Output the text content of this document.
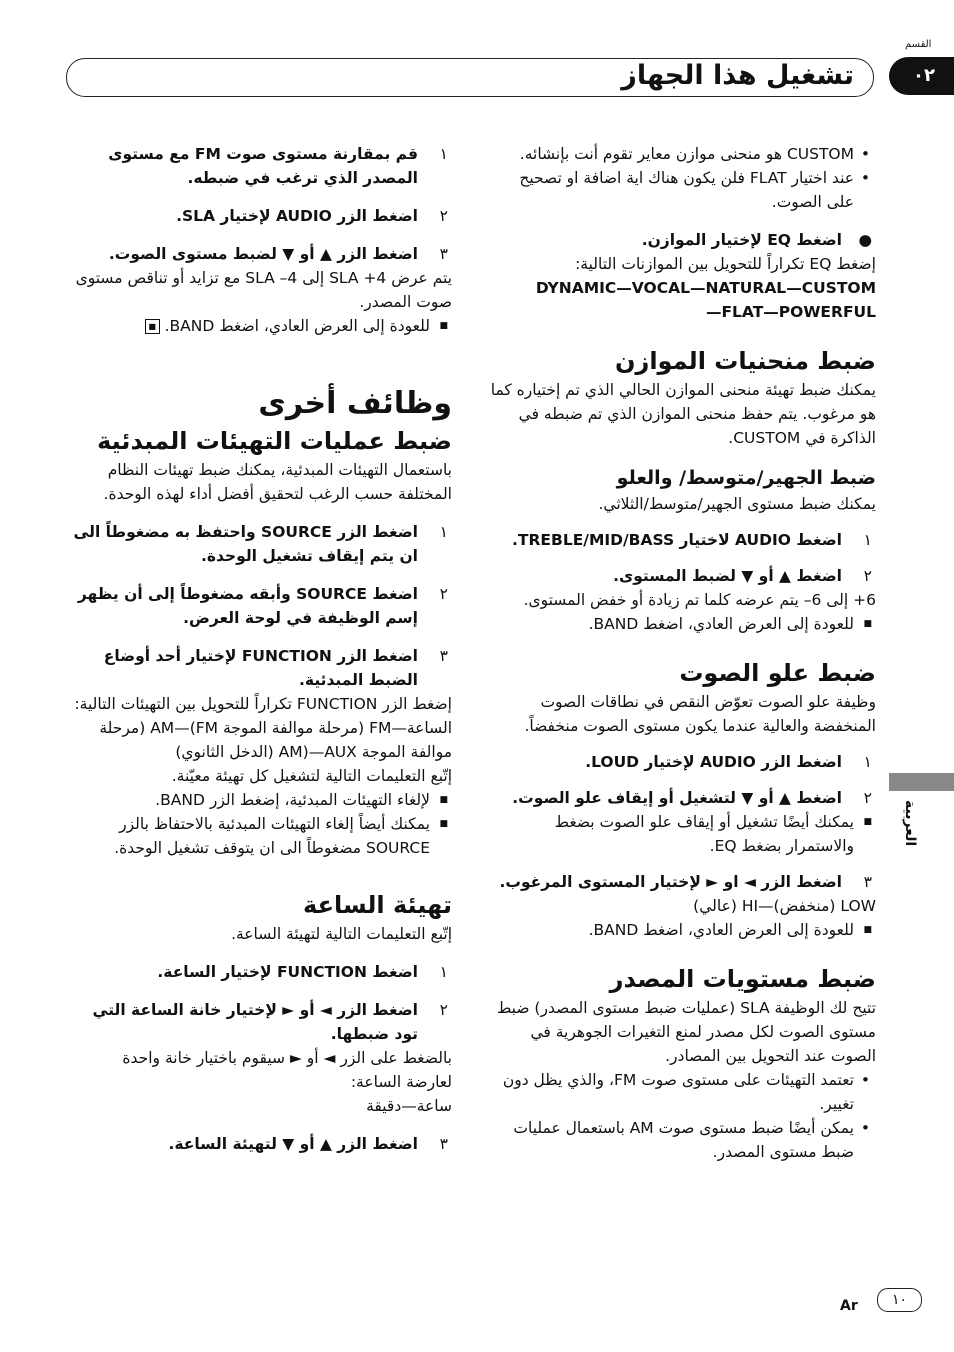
القسم
تشغيل هذا الجهاز	٠٢
العربية
• CUSTOM هو منحنى موازن معاير تقوم أنت بإنشائه.
• عند اختيار FLAT فلن يكون هناك اية اضافة او تصحيح على الصوت.

●
اضغط EQ لإختيار الموازن.

إضغط EQ تكراراً للتحويل بين الموازنات التالية:

DYNAMIC—VOCAL—NATURAL—CUSTOM

—FLAT—POWERFUL

ضبط منحنيات الموازن

يمكنك ضبط تهيئة منحنى الموازن الحالي الذي تم إختياره كما هو مرغوب. يتم حفظ منحنى الموازن الذي تم ضبطه في الذاكرة في CUSTOM.

ضبط الجهير/متوسط/ والعلو

يمكنك ضبط مستوى الجهير/متوسط/الثلاثي.

١
اضغط AUDIO لاختيار TREBLE/MID/BASS.

٢
اضغط ▲ أو ▼ لضبط المستوى.

‎+6‎ إلى ‎–6‎ يتم عرضه كلما تم زيادة أو خفض المستوى.

■ للعودة إلى العرض العادي، اضغط BAND.
ضبط علو الصوت

وظيفة علو الصوت تعوّض النقص في نطاقات الصوت المنخفضة والعالية عندما يكون مستوى الصوت منخفضاً.

١
اضغط الزر AUDIO لإختيار LOUD.

٢
اضغط ▲ أو ▼ لتشغيل أو إيقاف علو الصوت.

■ يمكنك أيضًا تشغيل أو إيقاف علو الصوت بضغط والاستمرار بضغط EQ.

٣
اضغط الزر ◄ او ► لإختيار المستوى المرغوب.

LOW (منخفض)—HI (عالي)

■ للعودة إلى العرض العادي، اضغط BAND.
ضبط مستويات المصدر

تتيح لك الوظيفة SLA (عمليات ضبط مستوى المصدر) ضبط مستوى الصوت لكل مصدر لمنع التغيرات الجوهرية في الصوت عند التحويل بين المصادر.

• تعتمد التهيئات على مستوى صوت FM، والذي يظل دون تغيير.
• يمكن أيضًا ضبط مستوى صوت AM باستعمال عمليات ضبط مستوى المصدر.

١
قم بمقارنة مستوى صوت FM مع مستوى المصدر الذي ترغب في ضبطه.

٢
اضغط الزر AUDIO لإختيار SLA.

٣
اضغط الزر ▲ أو ▼ لضبط مستوى الصوت.

يتم عرض ‎SLA +4‎ إلى ‎SLA –4‎ مع تزايد أو تناقص مستوى صوت المصدر.

■ للعودة إلى العرض العادي، اضغط BAND. ■
وظائف أخرى
ضبط عمليات التهيئات المبدئية

باستعمال التهيئات المبدئية، يمكنك ضبط تهيئات النظام المختلفة حسب الرغب لتحقيق أفضل أداء لهذه الوحدة.

١
اضغط الزر SOURCE واحتفظ به مضغوطاً الى ان يتم إيقاف تشغيل الوحدة.

٢
اضغط SOURCE وأبقه مضغوطاً إلى أن يظهر إسم الوظيفة في لوحة العرض.

٣
اضغط الزر FUNCTION لإختيار أحد أوضاع الضبط المبدئية.

إضغط الزر FUNCTION تكراراً للتحويل بين التهيئات التالية:

الساعة—FM (مرحلة موالفة الموجة FM)—AM (مرحلة

موالفة الموجة AM)—AUX (الدخل الثانوي)

إتّبع التعليمات التالية لتشغيل كل تهيئة معيّنة.

■ لإلغاء التهيئات المبدئية، إضغط الزر BAND.
■ يمكنك أيضاً إلغاء التهيئات المبدئية بالاحتفاظ بالزر SOURCE مضغوطاً الى ان يتوقف تشغيل الوحدة.
تهيئة الساعة

إتّبع التعليمات التالية لتهيئة الساعة.

١
اضغط FUNCTION لإختيار الساعة.

٢
اضغط الزر ◄ أو ► لإختيار خانة الساعة التي تود ضبطها.

بالضغط على الزر ◄ أو ► سيقوم باختيار خانة واحدة لعارضة الساعة:

ساعة—دقيقة

٣
اضغط الزر ▲ أو ▼ لتهيئة الساعة.

Ar	١٠
